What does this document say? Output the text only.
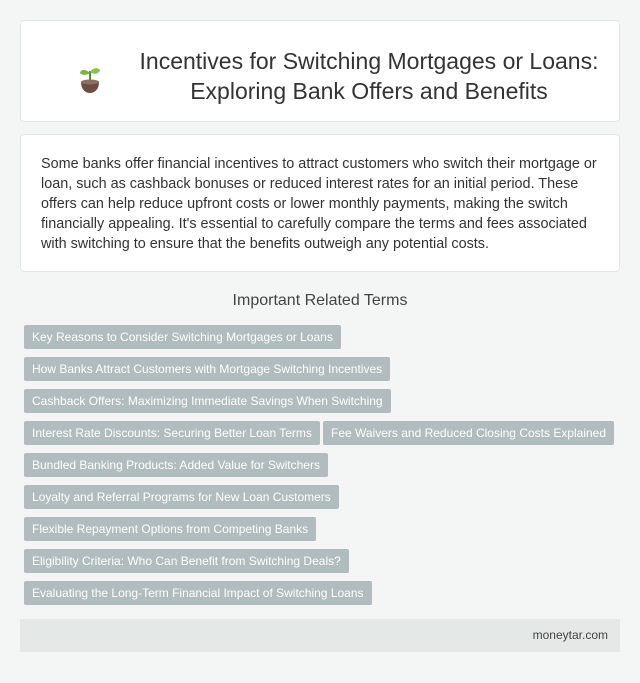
Incentives for Switching Mortgages or Loans: Exploring Bank Offers and Benefits

Some banks offer financial incentives to attract customers who switch their mortgage or loan, such as cashback bonuses or reduced interest rates for an initial period. These offers can help reduce upfront costs or lower monthly payments, making the switch financially appealing. It's essential to carefully compare the terms and fees associated with switching to ensure that the benefits outweigh any potential costs.

Important Related Terms
Key Reasons to Consider Switching Mortgages or Loans
How Banks Attract Customers with Mortgage Switching Incentives
Cashback Offers: Maximizing Immediate Savings When Switching
Interest Rate Discounts: Securing Better Loan Terms	Fee Waivers and Reduced Closing Costs Explained
Bundled Banking Products: Added Value for Switchers
Loyalty and Referral Programs for New Loan Customers
Flexible Repayment Options from Competing Banks
Eligibility Criteria: Who Can Benefit from Switching Deals?
Evaluating the Long-Term Financial Impact of Switching Loans
moneytar.com
